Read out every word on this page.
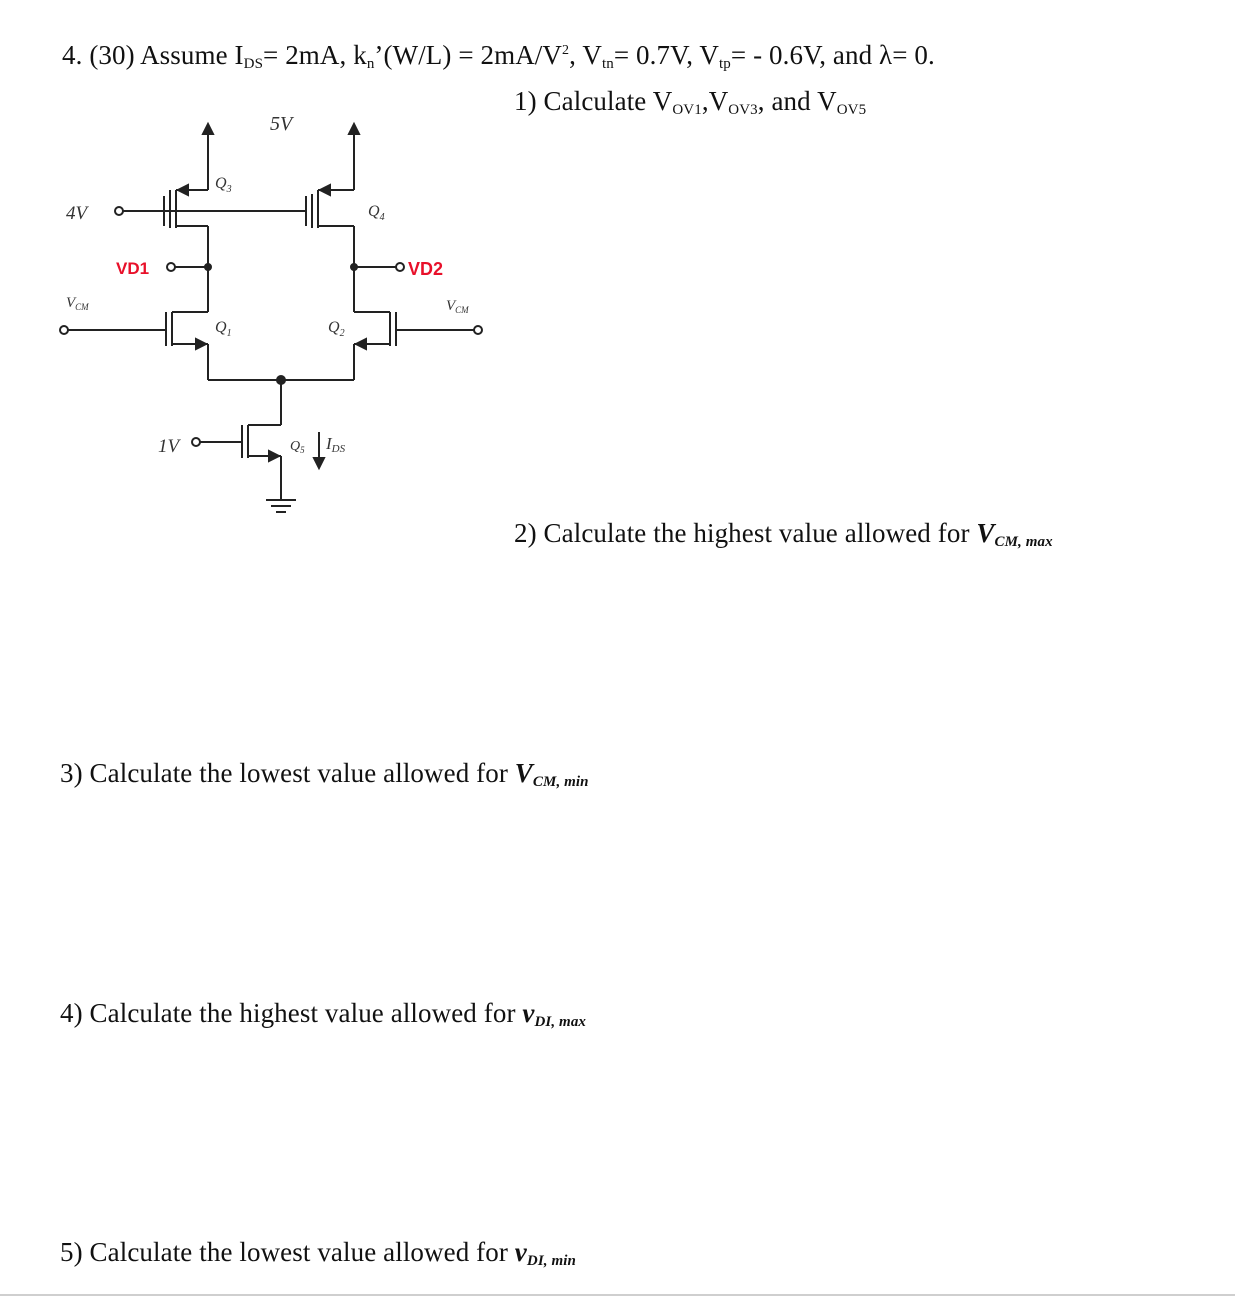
4. (30) Assume $I_{DS}= 2mA$, $k_n’(W/L) = 2mA/V^2$, $V_{tn}= 0.7V$, $V_{tp}= - 0.6V$, and λ= 0.
1) Calculate $V_{OV1},V_{OV3}$, and $V_{OV5}$
2) Calculate the highest value allowed for $V_{CM, max}$
3) Calculate the lowest value allowed for $V_{CM, min}$
4) Calculate the highest value allowed for $v_{DI, max}$
5) Calculate the lowest value allowed for $v_{DI, min}$
5V
4V
1V
$Q_3$
$Q_4$
$Q_1$	$Q_2$
$Q_5$ IDS
$V_{CM}$	$V_{CM}$
VD1	VD2
